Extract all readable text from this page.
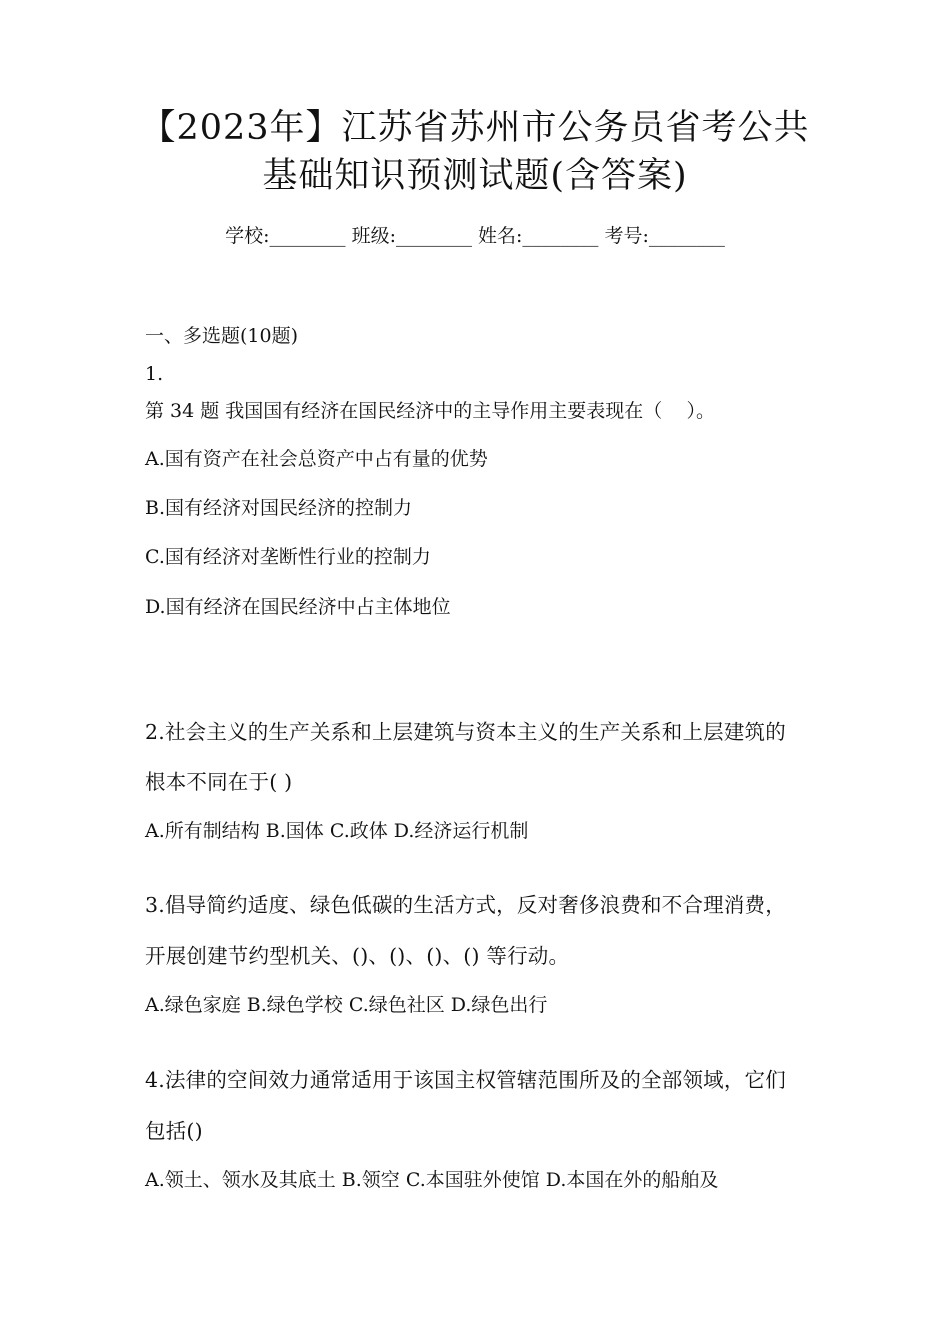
【2023年】江苏省苏州市公务员省考公共
基础知识预测试题(含答案)
学校:________ 班级:________ 姓名:________ 考号:________
一、多选题(10题)
1.
第 34 题 我国国有经济在国民经济中的主导作用主要表现在（    ）。
A.国有资产在社会总资产中占有量的优势
B.国有经济对国民经济的控制力
C.国有经济对垄断性行业的控制力
D.国有经济在国民经济中占主体地位
2.社会主义的生产关系和上层建筑与资本主义的生产关系和上层建筑的
根本不同在于( )
A.所有制结构 B.国体 C.政体 D.经济运行机制
3.倡导简约适度、绿色低碳的生活方式，反对奢侈浪费和不合理消费，
开展创建节约型机关、()、()、()、() 等行动。
A.绿色家庭 B.绿色学校 C.绿色社区 D.绿色出行
4.法律的空间效力通常适用于该国主权管辖范围所及的全部领域，它们
包括()
A.领土、领水及其底土 B.领空 C.本国驻外使馆 D.本国在外的船舶及
